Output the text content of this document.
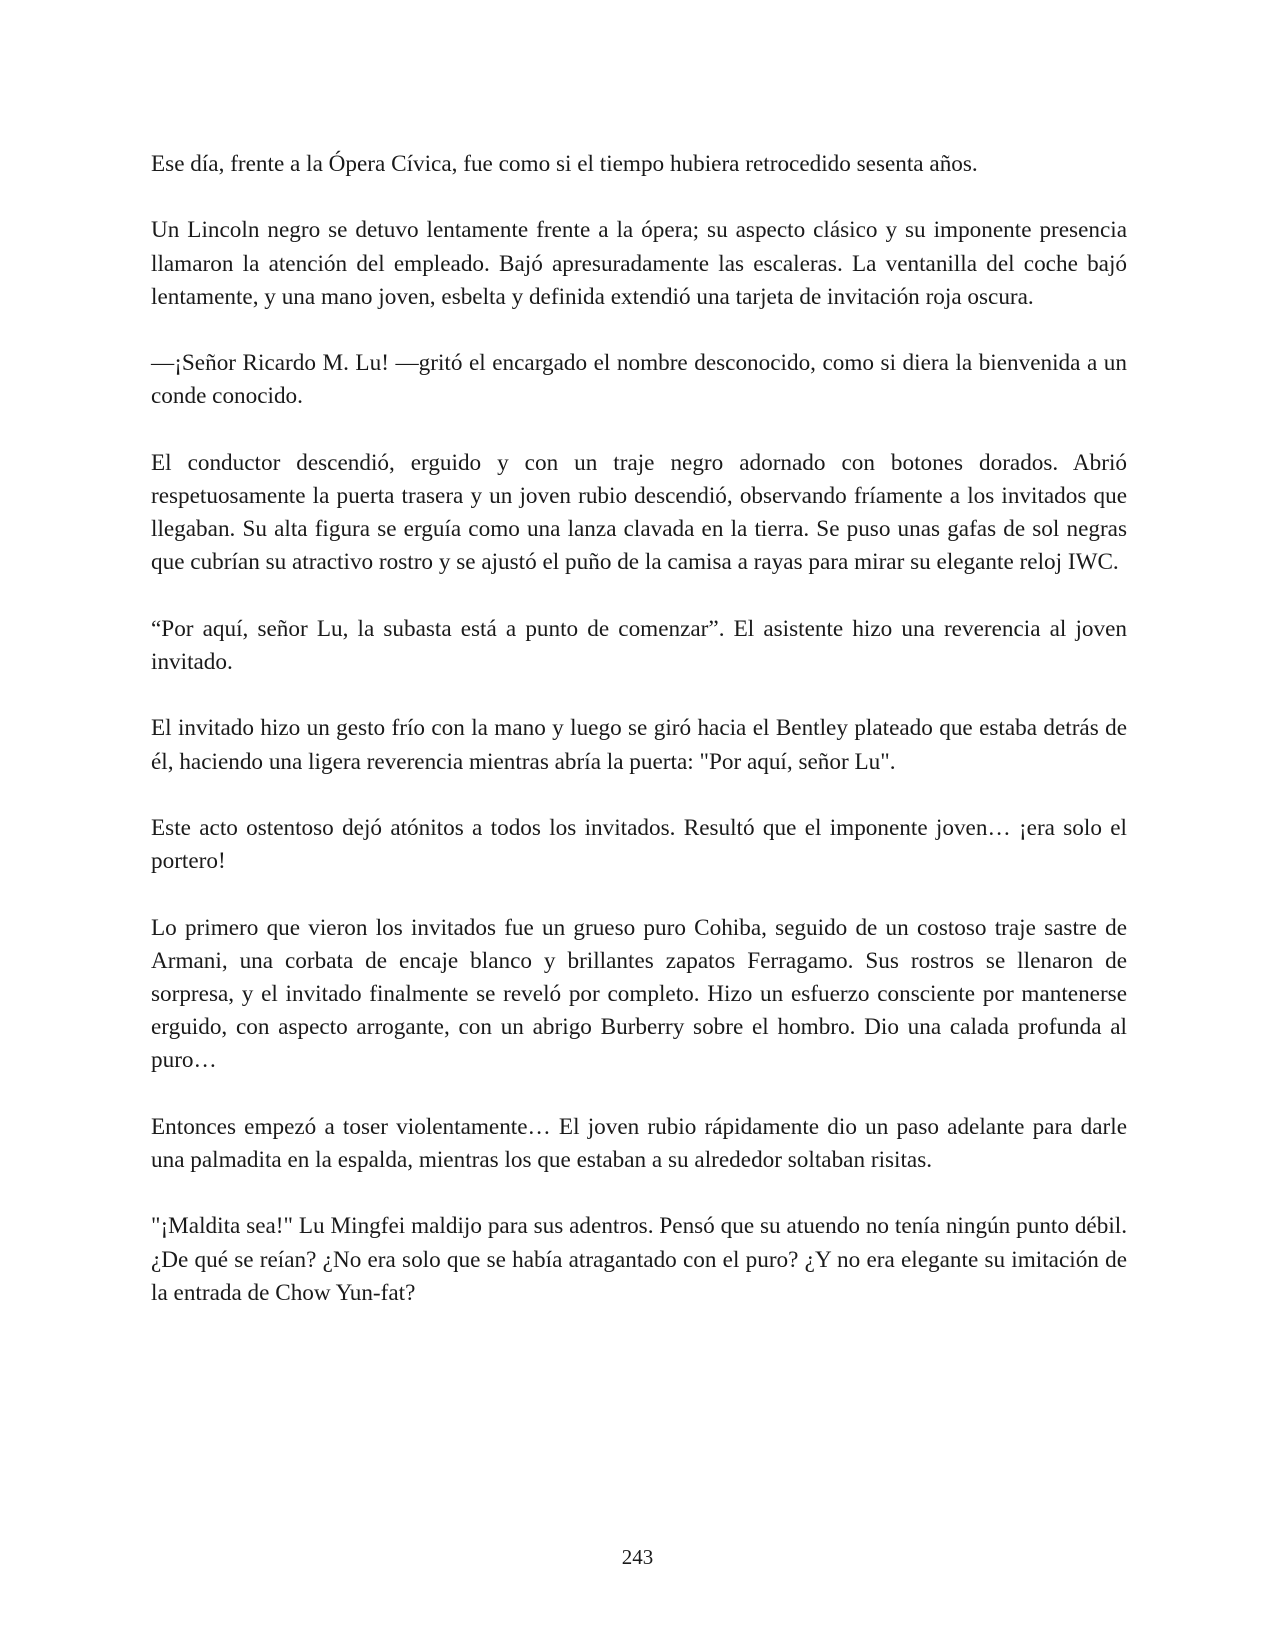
Ese día, frente a la Ópera Cívica, fue como si el tiempo hubiera retrocedido sesenta años.

Un Lincoln negro se detuvo lentamente frente a la ópera; su aspecto clásico y su imponente presencia llamaron la atención del empleado. Bajó apresuradamente las escaleras. La ventanilla del coche bajó lentamente, y una mano joven, esbelta y definida extendió una tarjeta de invitación roja oscura.

—¡Señor Ricardo M. Lu! —gritó el encargado el nombre desconocido, como si diera la bienvenida a un conde conocido.

El conductor descendió, erguido y con un traje negro adornado con botones dorados. Abrió respetuosamente la puerta trasera y un joven rubio descendió, observando fríamente a los invitados que llegaban. Su alta figura se erguía como una lanza clavada en la tierra. Se puso unas gafas de sol negras que cubrían su atractivo rostro y se ajustó el puño de la camisa a rayas para mirar su elegante reloj IWC.

“Por aquí, señor Lu, la subasta está a punto de comenzar”. El asistente hizo una reverencia al joven invitado.

El invitado hizo un gesto frío con la mano y luego se giró hacia el Bentley plateado que estaba detrás de él, haciendo una ligera reverencia mientras abría la puerta: "Por aquí, señor Lu".

Este acto ostentoso dejó atónitos a todos los invitados. Resultó que el imponente joven… ¡era solo el portero!

Lo primero que vieron los invitados fue un grueso puro Cohiba, seguido de un costoso traje sastre de Armani, una corbata de encaje blanco y brillantes zapatos Ferragamo. Sus rostros se llenaron de sorpresa, y el invitado finalmente se reveló por completo. Hizo un esfuerzo consciente por mantenerse erguido, con aspecto arrogante, con un abrigo Burberry sobre el hombro. Dio una calada profunda al puro…

Entonces empezó a toser violentamente… El joven rubio rápidamente dio un paso adelante para darle una palmadita en la espalda, mientras los que estaban a su alrededor soltaban risitas.

"¡Maldita sea!" Lu Mingfei maldijo para sus adentros. Pensó que su atuendo no tenía ningún punto débil. ¿De qué se reían? ¿No era solo que se había atragantado con el puro? ¿Y no era elegante su imitación de la entrada de Chow Yun-fat?

243
